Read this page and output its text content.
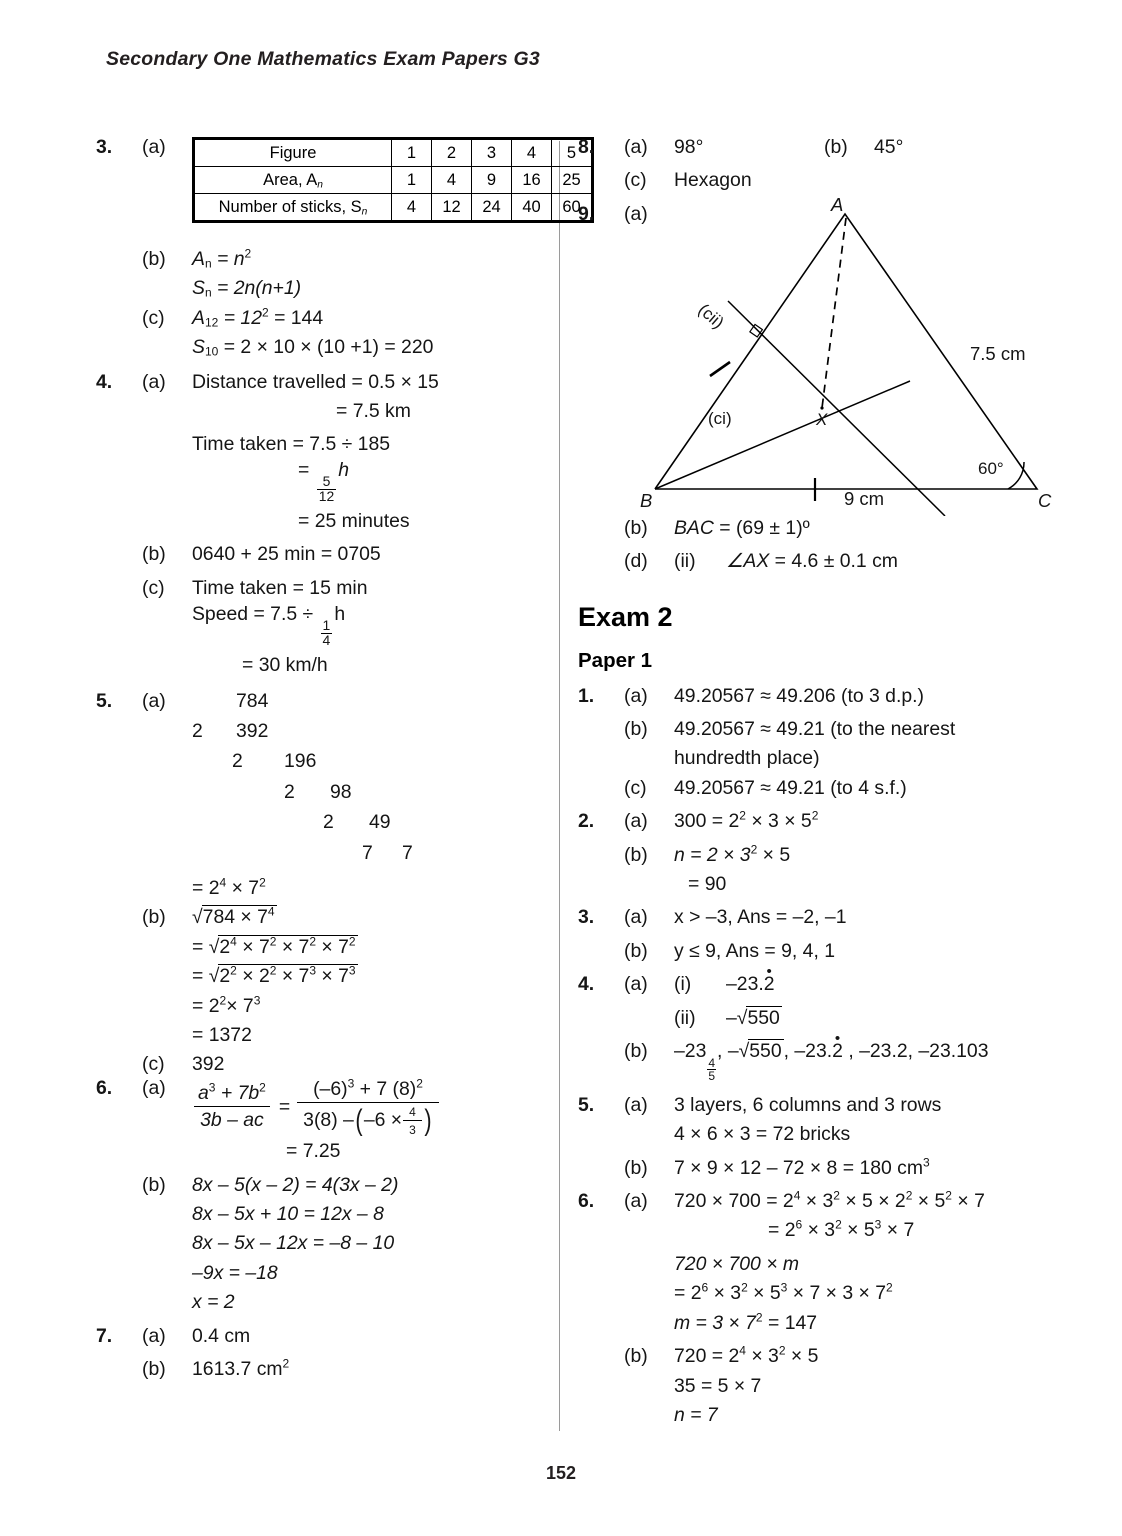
Secondary One Mathematics Exam Papers G3
3.	(a)
(b)	$A_n = n^2$
$S_n = 2n(n+1)$
(c)	$A_{12} = 12^2 = 144$
$S_{10} = 2 \times 10 \times (10 +1) = 220$
4.	(a)	Distance travelled = 0.5 × 15
= 7.5 km
Time taken = 7.5 ÷ 185
=
$\frac{5}{12}$
h
= 25 minutes
(b)	0640 + 25 min = 0705
(c)	Time taken = 15 min
Speed = 7.5 ÷
$\frac{1}{4}$
h
= 30 km/h
5.	(a)	784
2	392
2	196
2	98
2	49
7	7
= $2^4 \times 7^2$
(b)	$√784 \times 7^4$
= $√2^4 \times 7^2 \times 7^2 \times 7^2$
= $√2^2 \times 2^2 \times 7^3 \times 7^3$
= $2^2\times 7^3$
= 1372
(c)	392
6.	(a)	$\frac{a^3 + 7b^2}{3b - ac} = \frac{(-6)^3 + 7 (8)^2}{3(8) - ( -6 \times \frac{4}{3} )}$
= 7.25
(b)	8x – 5(x – 2) = 4(3x – 2)
8x – 5x + 10 = 12x – 8
8x – 5x – 12x = –8 – 10
–9x = –18
x = 2
7.	(a)	0.4 cm
(b)	1613.7 $cm^2$
Figure	1	2	3	4	5
Area, $A_n$	1	4	9	16	25
Number of sticks, $S_n$	4	12	24	40	60
8.	(a)	98°	(b)	45°
(c)	Hexagon
9.	(a)
(b)	BAC = (69 ± 1)º
(d)	(ii)	∠AX = 4.6 ± 0.1 cm
Exam 2
Paper 1
1.	(a)	49.20567 ≈ 49.206 (to 3 d.p.)
(b)	49.20567 ≈ 49.21 (to the nearest
hundredth place)
(c)	49.20567 ≈ 49.21 (to 4 s.f.)
2.	(a)	$300 = 2^2 \times 3 \times 5^2$
(b)	$n = 2 \times 3^2 \times 5$
= 90
3.	(a)	x > –3, Ans = –2, –1
(b)	y ≤ 9, Ans = 9, 4, 1
4.	(a)	(i)	–23.2 •
(ii)	–√550
(b)	–23
$\frac{4}{5}$
, –√550 , –23.2 • , –23.2, –23.103
5.	(a)	3 layers, 6 columns and 3 rows
4 × 6 × 3 = 72 bricks
(b)	7 × 9 × 12 – 72 × 8 = 180 $cm^3$
6.	(a)	$720 \times 700 = 2^4 \times 3^2 \times 5 \times 2^2 \times 5^2 \times 7$
= $2^6 \times 3^2 \times 5^3 \times 7$
720 × 700 × m
= $2^6 \times 3^2 \times 5^3 \times 7 \times 3 \times 7^2$
$m = 3 \times 7^2 = 147$
(b)	$720 = 2^4 \times 3^2 \times 5$
35 = 5 × 7
n = 7
A
B	C
X
7.5 cm
9 cm
60°
(ci)
(cii)
152
